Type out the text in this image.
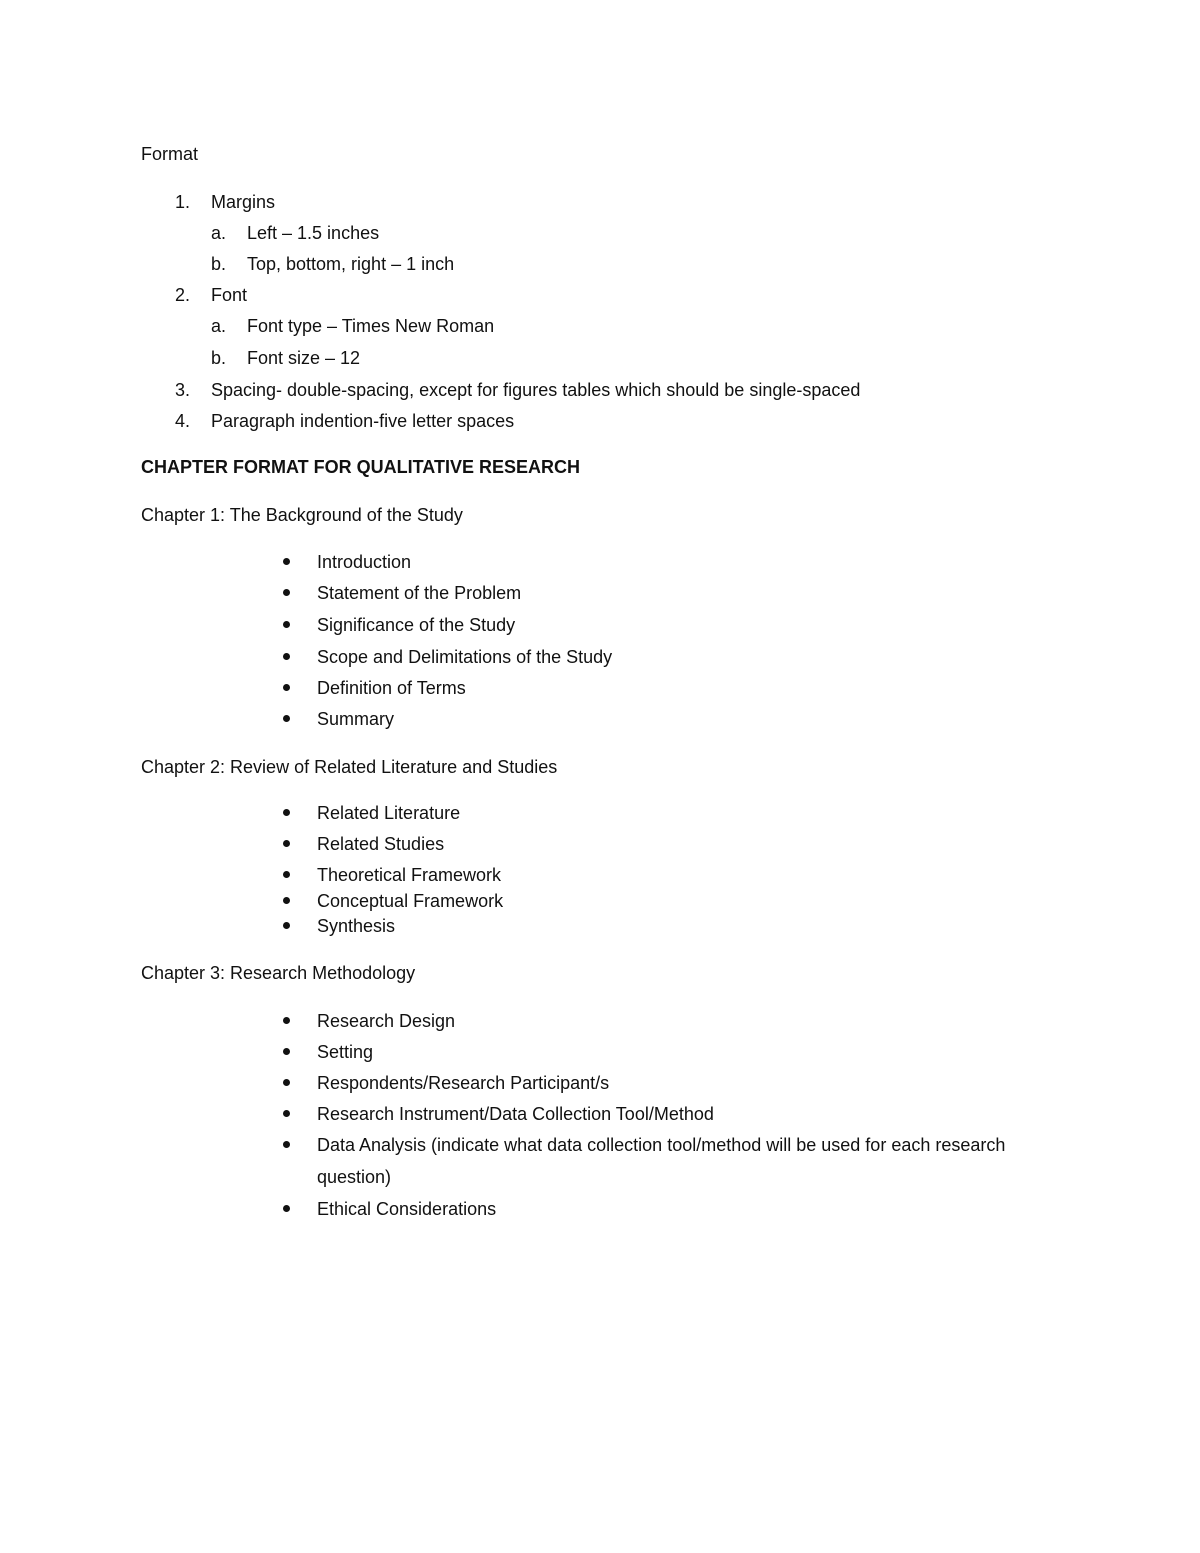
Format
1. Margins
a. Left – 1.5 inches
b. Top, bottom, right – 1 inch
2. Font
a. Font type – Times New Roman
b. Font size – 12
3. Spacing- double-spacing, except for figures tables which should be single-spaced
4. Paragraph indention-five letter spaces
CHAPTER FORMAT FOR QUALITATIVE RESEARCH
Chapter 1: The Background of the Study
Introduction
Statement of the Problem
Significance of the Study
Scope and Delimitations of the Study
Definition of Terms
Summary
Chapter 2: Review of Related Literature and Studies
Related Literature
Related Studies
Theoretical Framework
Conceptual Framework
Synthesis
Chapter 3: Research Methodology
Research Design
Setting
Respondents/Research Participant/s
Research Instrument/Data Collection Tool/Method
Data Analysis (indicate what data collection tool/method will be used for each research
question)
Ethical Considerations
